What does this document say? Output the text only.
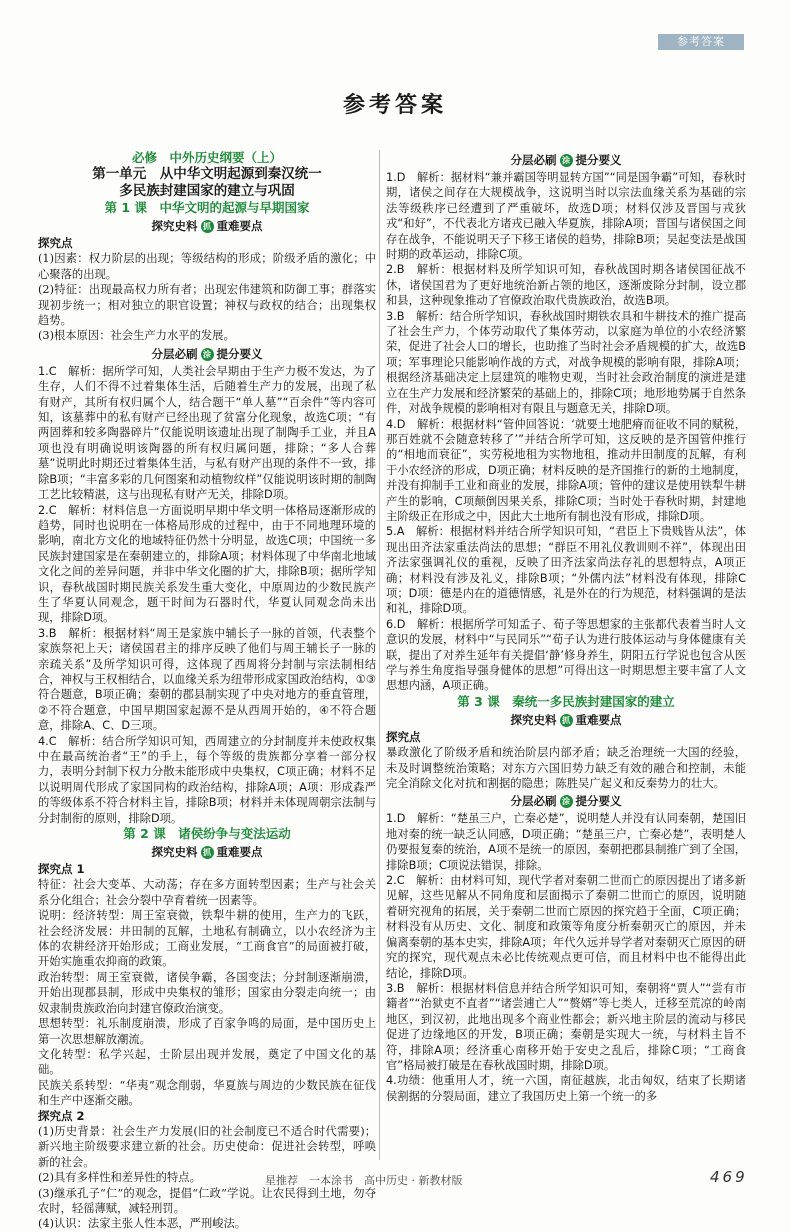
参考答案
参考答案
必修　中外历史纲要（上）
第一单元　从中华文明起源到秦汉统一
多民族封建国家的建立与巩固
第 1 课　中华文明的起源与早期国家
探究史料 抓 重难要点
探究点

(1)因素：权力阶层的出现；等级结构的形成；阶级矛盾的激化；中心聚落的出现。

(2)特征：出现最高权力所有者；出现宏伟建筑和防御工事；群落实现初步统一；相对独立的职官设置；神权与政权的结合；出现集权趋势。

(3)根本原因：社会生产力水平的发展。

分层必刷 涂 提分要义

1.C　解析：据所学可知，人类社会早期由于生产力极不发达，为了生存，人们不得不过着集体生活，后随着生产力的发展，出现了私有财产，其所有权归属个人，结合题干“单人墓”“百余件”等内容可知，该墓葬中的私有财产已经出现了贫富分化现象，故选C项；“有两固葬和较多陶器碎片”仅能说明该遗址出现了制陶手工业，并且A项也没有明确说明该陶器的所有权归属问题，排除；“多人合葬墓”说明此时期还过着集体生活，与私有财产出现的条件不一致，排除B项；“丰富多彩的几何图案和动植物纹样”仅能说明该时期的制陶工艺比较精湛，这与出现私有财产无关，排除D项。

2.C　解析：材料信息一方面说明早期中华文明一体格局逐渐形成的趋势，同时也说明在一体格局形成的过程中，由于不同地理环境的影响，南北方文化的地域特征仍然十分明显，故选C项；中国统一多民族封建国家是在秦朝建立的，排除A项；材料体现了中华南北地域文化之间的差异问题，并非中华文化圈的扩大，排除B项；据所学知识，春秋战国时期民族关系发生重大变化，中原周边的少数民族产生了华夏认同观念，题干时间为石器时代，华夏认同观念尚未出现，排除D项。

3.B　解析：根据材料“周王是家族中辅长子一脉的首领，代表整个家族祭祀上天；诸侯国君主的排序反映了他们与周王辅长子一脉的亲疏关系”及所学知识可得，这体现了西周将分封制与宗法制相结合，神权与王权相结合，以血缘关系为纽带形成家国政治结构，①③符合题意，B项正确；秦朝的郡县制实现了中央对地方的垂直管理，②不符合题意，中国早期国家起源不是从西周开始的，④不符合题意，排除A、C、D三项。

4.C　解析：结合所学知识可知，西周建立的分封制度并未使政权集中在最高统治者“王”的手上，每个等级的贵族都分享着一部分权力，表明分封制下权力分散未能形成中央集权，C项正确；材料不足以说明周代形成了家国同构的政治结构，排除A项；A项：形成森严的等级体系不符合材料主旨，排除B项；材料并未体现周朝宗法制与分封制衔的原则，排除D项。

第 2 课　诸侯纷争与变法运动
探究史料 抓 重难要点
探究点 1

特征：社会大变革、大动荡；存在多方面转型因素；生产与社会关系分化组合；社会分裂中孕育着统一因素等。

说明：经济转型：周王室衰微，铁犁牛耕的使用，生产力的飞跃，社会经济发展：井田制的瓦解，土地私有制确立，以小农经济为主体的农耕经济开始形成；工商业发展，“工商食官”的局面被打破，开始实施重农抑商的政策。

政治转型：周王室衰微，诸侯争霸，各国变法；分封制逐渐崩溃，开始出现郡县制，形成中央集权的雏形；国家由分裂走向统一；由奴隶制贵族政治向封建官僚政治演变。

思想转型：礼乐制度崩溃，形成了百家争鸣的局面，是中国历史上第一次思想解放潮流。

文化转型：私学兴起，士阶层出现并发展，奠定了中国文化的基础。

民族关系转型：“华夷”观念削弱，华夏族与周边的少数民族在征伐和生产中逐渐交融。

探究点 2

(1)历史背景：社会生产力发展(旧的社会制度已不适合时代需要)；新兴地主阶级要求建立新的社会。历史使命：促进社会转型，呼唤新的社会。

(2)具有多样性和差异性的特点。

(3)继承孔子“仁”的观念，提倡“仁政”学说。让农民得到土地，勿夺农时，轻徭薄赋，减轻刑罚。

(4)认识：法家主张人性本恶，严刑峻法。

分层必刷 涂 提分要义

1.D　解析：据材料“兼并霸国等明显转方国”“同是国争霸”可知，春秋时期，诸侯之间存在大规模战争，这说明当时以宗法血缘关系为基础的宗法等级秩序已经遭到了严重破坏，故选D项；材料仅涉及晋国与戎狄戎“和好”，不代表北方诸戎已融入华夏族，排除A项；晋国与诸侯国之间存在战争，不能说明天子下移王诸侯的趋势，排除B项；吴起变法是战国时期的政革运动，排除C项。

2.B　解析：根据材料及所学知识可知，春秋战国时期各诸侯国征战不休，诸侯国君为了更好地统治新占领的地区，逐渐废除分封制，设立郡和县，这种现象推动了官僚政治取代贵族政治，故选B项。

3.B　解析：结合所学知识，春秋战国时期铁农具和牛耕技术的推广提高了社会生产力，个体劳动取代了集体劳动，以家庭为单位的小农经济繁荣，促进了社会人口的增长，也助推了当时社会矛盾规模的扩大，故选B项；军事理论只能影响作战的方式，对战争规模的影响有限，排除A项；根据经济基础决定上层建筑的唯物史观，当时社会政治制度的演进是建立在生产力发展和经济繁荣的基础上的，排除C项；地形地势属于自然条件，对战争规模的影响相对有限且与题意无关，排除D项。

4.D　解析：根据材料“管仲回答说：‘就要土地肥瘠而征收不同的赋税，那百姓就不会随意转移了’”并结合所学可知，这反映的是齐国管仲推行的“相地而衰征”，实劳税地租为实物地租，推动井田制度的瓦解，有利于小农经济的形成，D项正确；材料反映的是齐国推行的新的土地制度，并没有抑制手工业和商业的发展，排除A项；管仲的建议是使用铁犁牛耕产生的影响，C项颠倒因果关系，排除C项；当时处于春秋时期，封建地主阶级正在形成之中，因此大土地所有制也没有形成，排除D项。

5.A　解析：根据材料并结合所学知识可知，“君臣上下贵贱皆从法”，体现出田齐法家重法尚法的思想；“群臣不用礼仪教训则不祥”，体现出田齐法家强调礼仪的重视，反映了田齐法家尚法存礼的思想特点，A项正确；材料没有涉及礼义，排除B项；“外儒内法”材料没有体现，排除C项；D项：德是内在的道德情感，礼是外在的行为规范，材料强调的是法和礼，排除D项。

6.D　解析：根据所学可知孟子、荀子等思想家的主张都代表着当时人文意识的发展，材料中“与民同乐”“荀子认为进行肢体运动与身体健康有关联，提出了对养生延年有关提倡‘静’修身养生，阴阳五行学说也包含从医学与养生角度指导强身健体的思想”可得出这一时期思想主要丰富了人文思想内涵，A项正确。

第 3 课　秦统一多民族封建国家的建立
探究史料 抓 重难要点
探究点

暴政激化了阶级矛盾和统治阶层内部矛盾；缺乏治理统一大国的经验，未及时调整统治策略；对东方六国旧势力缺乏有效的融合和控制，未能完全消除文化对抗和割据的隐患；陈胜吴广起义和反秦势力的壮大。

分层必刷 涂 提分要义

1.D　解析：“楚虽三户，亡秦必楚”，说明楚人并没有认同秦朝，楚国旧地对秦的统一缺乏认同感，D项正确；“楚虽三户，亡秦必楚”，表明楚人仍要报复秦的统治，A项不是统一的原因，秦朝把郡县制推广到了全国，排除B项；C项说法错误，排除。

2.C　解析：由材料可知，现代学者对秦朝二世而亡的原因提出了诸多新见解，这些见解从不同角度和层面揭示了秦朝二世而亡的原因，说明随着研究视角的拓展，关于秦朝二世而亡原因的探究趋于全面，C项正确；材料没有从历史、文化、制度和政策等角度分析秦朝灭亡的原因，并未偏离秦朝的基本史实，排除A项；年代久远并导学者对秦朝灭亡原因的研究的探究，现代观点未必比传统观点更可信，而且材料中也不能得出此结论，排除D项。

3.B　解析：根据材料信息并结合所学知识可知，秦朝将“贾人”“尝有市籍者”“治狱吏不直者”“诸尝逋亡人”“赘婿”等七类人，迁移至荒凉的岭南地区，到汉初，此地出现多个商业性都会；新兴地主阶层的流动与移民促进了边缘地区的开发，B项正确；秦朝是实现大一统，与材料主旨不符，排除A项；经济重心南移开始于安史之乱后，排除C项；“工商食官”格局被打破是在春秋战国时期，排除D项。

4.功绩：他重用人才，统一六国，南征越族，北击匈奴，结束了长期诸侯割据的分裂局面，建立了我国历史上第一个统一的多

星推荐　一本涂书　高中历史 · 新教材版	469
